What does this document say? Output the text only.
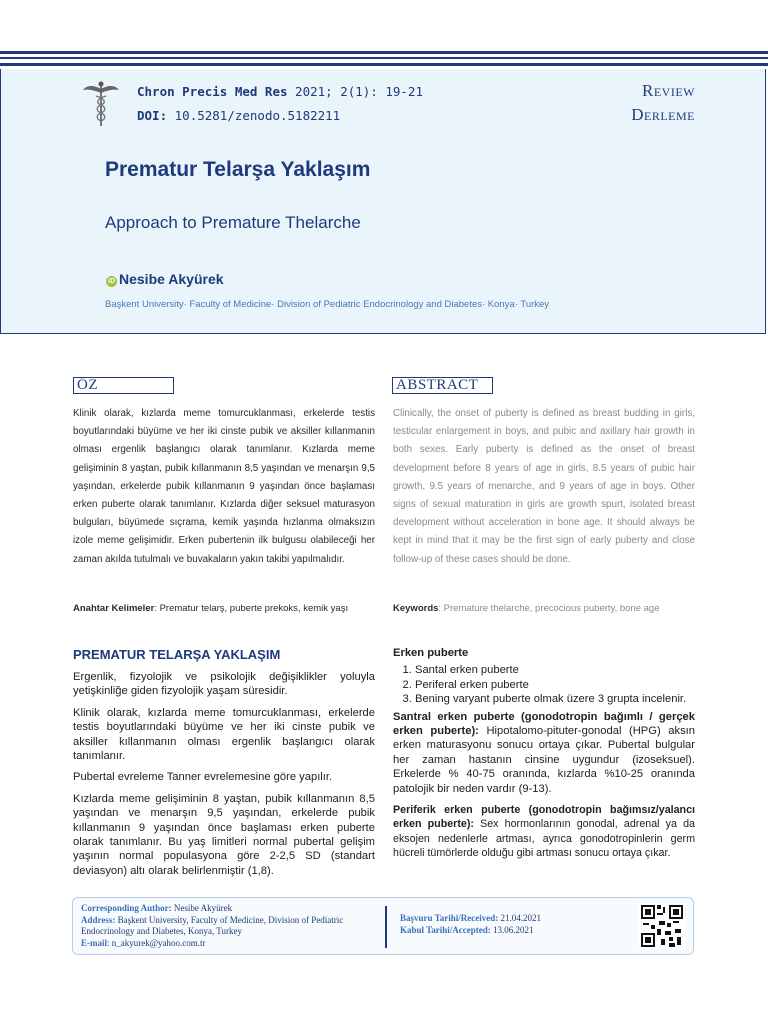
Chron Precis Med Res 2021; 2(1): 19-21
DOI: 10.5281/zenodo.5182211
Review
Derleme
Prematur Telarşa Yaklaşım
Approach to Premature Thelarche
iD Nesibe Akyürek
Başkent University· Faculty of Medicine· Division of Pediatric Endocrinology and Diabetes· Konya· Turkey
ÖZ
Klinik olarak, kızlarda meme tomurcuklanması, erkelerde testis boyutlarındaki büyüme ve her iki cinste pubik ve aksiller kıllanmanın olması ergenlik başlangıcı olarak tanımlanır. Kızlarda meme gelişiminin 8 yaştan, pubik kıllanmanın 8,5 yaşından ve menarşın 9,5 yaşından, erkelerde pubik kıllanmanın 9 yaşından önce başlaması erken puberte olarak tanımlanır. Kızlarda diğer seksuel maturasyon bulguları, büyümede sıçrama, kemik yaşında hızlanma olmaksızın izole meme gelişimidir. Erken pubertenin ilk bulgusu olabileceği her zaman akılda tutulmalı ve buvakaların yakın takibi yapılmalıdır.
Anahtar Kelimeler: Prematur telarş, puberte prekoks, kemik yaşı
ABSTRACT
Clinically, the onset of puberty is defined as breast budding in girls, testicular enlargement in boys, and pubic and axillary hair growth in both sexes. Early puberty is defined as the onset of breast development before 8 years of age in girls, 8.5 years of pubic hair growth, 9.5 years of menarche, and 9 years of age in boys. Other signs of sexual maturation in girls are growth spurt, isolated breast development without acceleration in bone age. It should always be kept in mind that it may be the first sign of early puberty and close follow-up of these cases should be done.
Keywords: Premature thelarche, precocious puberty, bone age
PREMATUR TELARŞA YAKLAŞIM

Ergenlik, fizyolojik ve psikolojik değişiklikler yoluyla yetişkinliğe giden fizyolojik yaşam süresidir.

Klinik olarak, kızlarda meme tomurcuklanması, erkelerde testis boyutlarındaki büyüme ve her iki cinste pubik ve aksiller kıllanmanın olması ergenlik başlangıcı olarak tanımlanır.

Pubertal evreleme Tanner evrelemesine göre yapılır.

Kızlarda meme gelişiminin 8 yaştan, pubik kıllanmanın 8,5 yaşından ve menarşın 9,5 yaşından, erkelerde pubik kıllanmanın 9 yaşından önce başlaması erken puberte olarak tanımlanır. Bu yaş limitleri normal pubertal gelişim yaşının normal populasyona göre 2-2,5 SD (standart deviasyon) altı olarak belirlenmiştir (1,8).

Erken puberte

1. Santal erken puberte
2. Periferal erken puberte
3. Bening varyant puberte olmak üzere 3 grupta incelenir.

Santral erken puberte (gonodotropin bağımlı / gerçek erken puberte): Hipotalomo-pituter-gonodal (HPG) aksın erken maturasyonu sonucu ortaya çıkar. Pubertal bulgular her zaman hastanın cinsine uygundur (izoseksuel). Erkelerde % 40-75 oranında, kızlarda %10-25 oranında patolojik bir neden vardır (9-13).

Periferik erken puberte (gonodotropin bağımsız/yalancı erken puberte): Sex hormonlarının gonodal, adrenal ya da eksojen nedenlerle artması, ayrıca gonodotropinlerin germ hücreli tümörlerde olduğu gibi artması sonucu ortaya çıkar.

Corresponding Author: Nesibe Akyürek
Address: Başkent University, Faculty of Medicine, Division of Pediatric Endocrinology and Diabetes, Konya, Turkey
E-mail: n_akyurek@yahoo.com.tr
Başvuru Tarihi/Received: 21.04.2021
Kabul Tarihi/Accepted: 13.06.2021
